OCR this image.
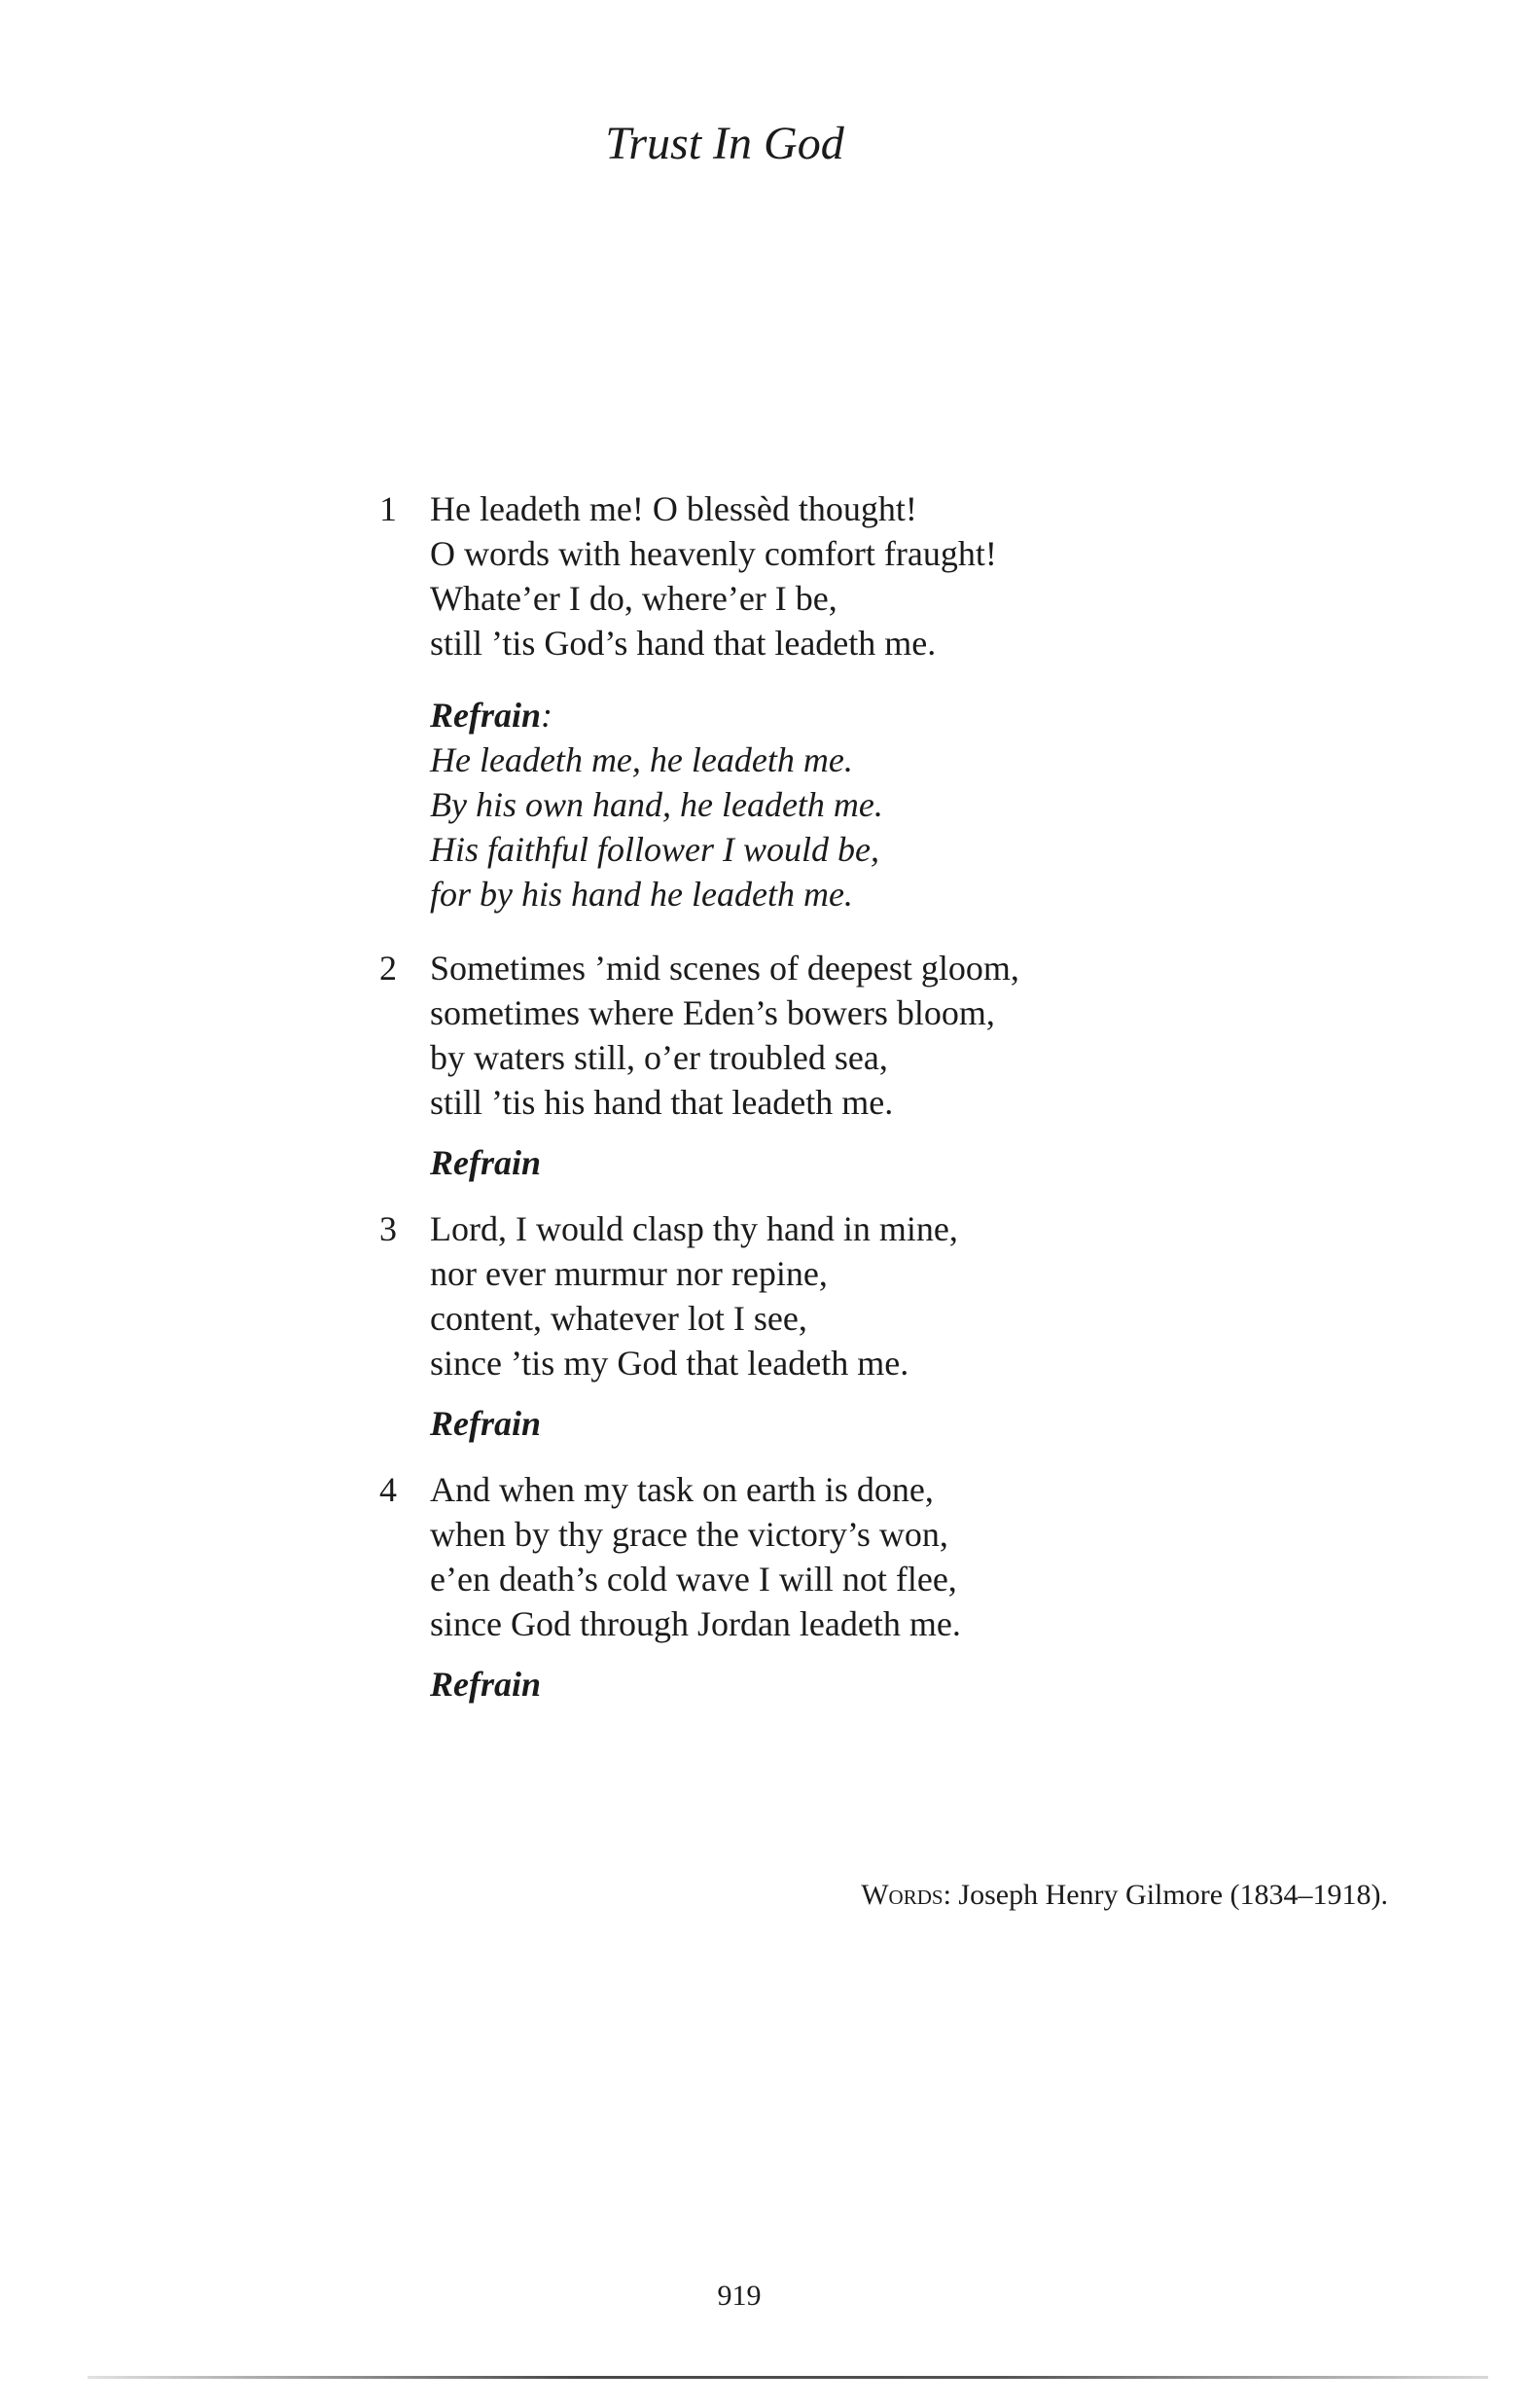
Trust In God
1 He leadeth me! O blessèd thought!
O words with heavenly comfort fraught!
Whate’er I do, where’er I be,
still ’tis God’s hand that leadeth me.
Refrain:
He leadeth me, he leadeth me.
By his own hand, he leadeth me.
His faithful follower I would be,
for by his hand he leadeth me.
2 Sometimes ’mid scenes of deepest gloom,
sometimes where Eden’s bowers bloom,
by waters still, o’er troubled sea,
still ’tis his hand that leadeth me.
Refrain
3 Lord, I would clasp thy hand in mine,
nor ever murmur nor repine,
content, whatever lot I see,
since ’tis my God that leadeth me.
Refrain
4 And when my task on earth is done,
when by thy grace the victory’s won,
e’en death’s cold wave I will not flee,
since God through Jordan leadeth me.
Refrain
Words: Joseph Henry Gilmore (1834–1918).
919
